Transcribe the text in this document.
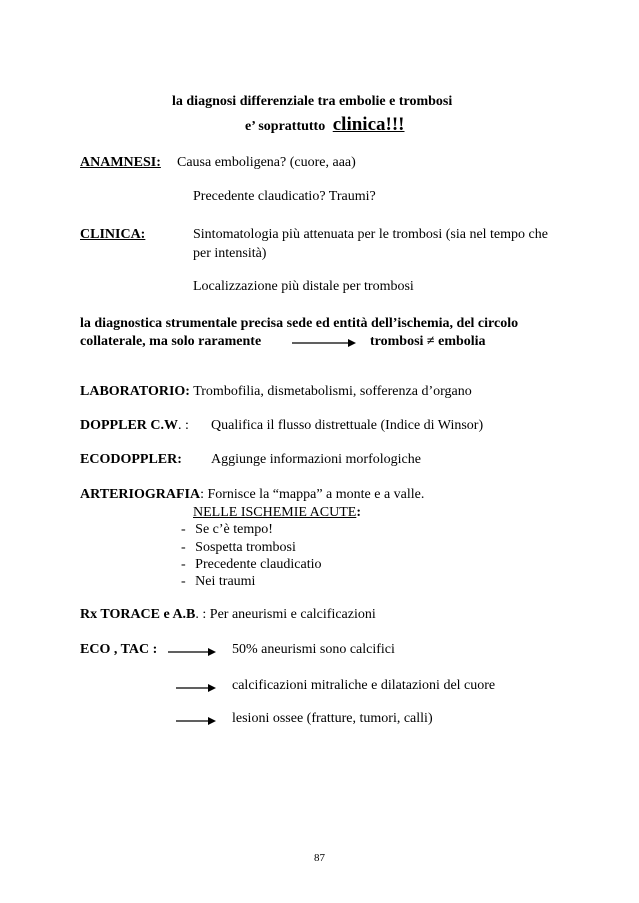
la diagnosi differenziale tra embolie e trombosi
e’ soprattutto clinica!!!
ANAMNESI: Causa emboligena? (cuore, aaa)
Precedente claudicatio? Traumi?
CLINICA:	Sintomatologia più attenuata per le trombosi (sia nel tempo che
per intensità)
Localizzazione più distale per trombosi
la diagnostica strumentale precisa sede ed entità dell’ischemia, del circolo
collaterale, ma solo raramente	trombosi ≠ embolia
LABORATORIO: Trombofilia, dismetabolismi, sofferenza d’organo
DOPPLER C.W. : Qualifica il flusso distrettuale (Indice di Winsor)
ECODOPPLER: Aggiunge informazioni morfologiche
ARTERIOGRAFIA: Fornisce la “mappa” a monte e a valle.
NELLE ISCHEMIE ACUTE:
- Se c’è tempo!
- Sospetta trombosi
- Precedente claudicatio
- Nei traumi
Rx TORACE e A.B. : Per aneurismi e calcificazioni
ECO , TAC :	50% aneurismi sono calcifici
calcificazioni mitraliche e dilatazioni del cuore
lesioni ossee (fratture, tumori, calli)
87
